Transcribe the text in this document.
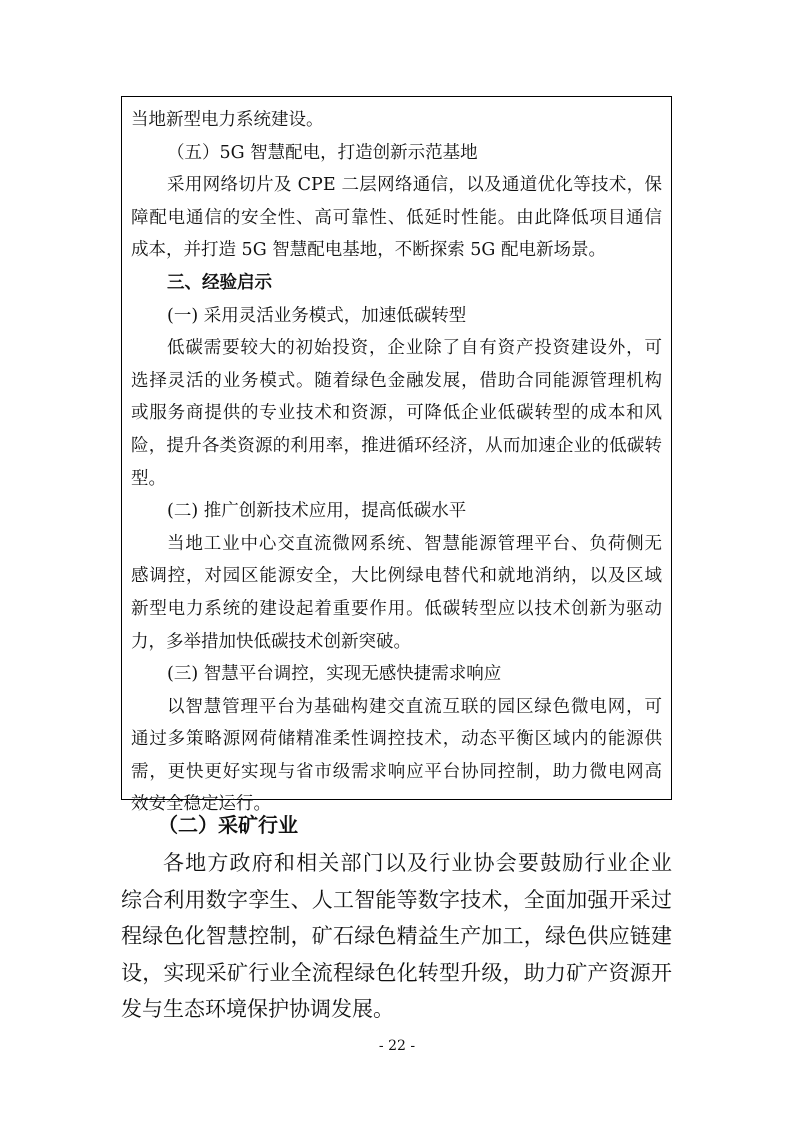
当地新型电力系统建设。
（五）5G 智慧配电，打造创新示范基地
采用网络切片及 CPE 二层网络通信，以及通道优化等技术，保
障配电通信的安全性、高可靠性、低延时性能。由此降低项目通信
成本，并打造 5G 智慧配电基地，不断探索 5G 配电新场景。
三、经验启示
(一) 采用灵活业务模式，加速低碳转型
低碳需要较大的初始投资，企业除了自有资产投资建设外，可
选择灵活的业务模式。随着绿色金融发展，借助合同能源管理机构
或服务商提供的专业技术和资源，可降低企业低碳转型的成本和风
险，提升各类资源的利用率，推进循环经济，从而加速企业的低碳转
型。
(二) 推广创新技术应用，提高低碳水平
当地工业中心交直流微网系统、智慧能源管理平台、负荷侧无
感调控，对园区能源安全，大比例绿电替代和就地消纳，以及区域
新型电力系统的建设起着重要作用。低碳转型应以技术创新为驱动
力，多举措加快低碳技术创新突破。
(三) 智慧平台调控，实现无感快捷需求响应
以智慧管理平台为基础构建交直流互联的园区绿色微电网，可
通过多策略源网荷储精准柔性调控技术，动态平衡区域内的能源供
需，更快更好实现与省市级需求响应平台协同控制，助力微电网高
效安全稳定运行。
（二）采矿行业
各地方政府和相关部门以及行业协会要鼓励行业企业
综合利用数字孪生、人工智能等数字技术，全面加强开采过
程绿色化智慧控制，矿石绿色精益生产加工，绿色供应链建
设，实现采矿行业全流程绿色化转型升级，助力矿产资源开
发与生态环境保护协调发展。
- 22 -
